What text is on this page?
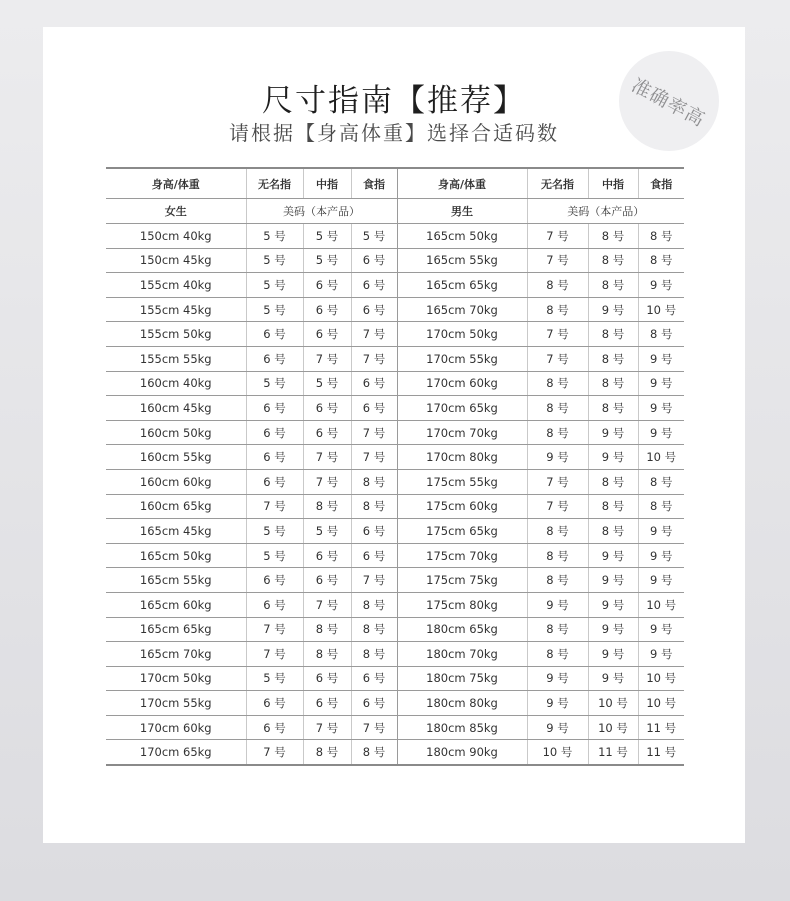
尺寸指南【推荐】
请根据【身高体重】选择合适码数
准确率高
身高/体重	无名指	中指	食指	身高/体重	无名指	中指	食指
女生	美码（本产品）			男生	美码（本产品）		
150cm 40kg	5 号	5 号	5 号	165cm 50kg	7 号	8 号	8 号
150cm 45kg	5 号	5 号	6 号	165cm 55kg	7 号	8 号	8 号
155cm 40kg	5 号	6 号	6 号	165cm 65kg	8 号	8 号	9 号
155cm 45kg	5 号	6 号	6 号	165cm 70kg	8 号	9 号	10 号
155cm 50kg	6 号	6 号	7 号	170cm 50kg	7 号	8 号	8 号
155cm 55kg	6 号	7 号	7 号	170cm 55kg	7 号	8 号	9 号
160cm 40kg	5 号	5 号	6 号	170cm 60kg	8 号	8 号	9 号
160cm 45kg	6 号	6 号	6 号	170cm 65kg	8 号	8 号	9 号
160cm 50kg	6 号	6 号	7 号	170cm 70kg	8 号	9 号	9 号
160cm 55kg	6 号	7 号	7 号	170cm 80kg	9 号	9 号	10 号
160cm 60kg	6 号	7 号	8 号	175cm 55kg	7 号	8 号	8 号
160cm 65kg	7 号	8 号	8 号	175cm 60kg	7 号	8 号	8 号
165cm 45kg	5 号	5 号	6 号	175cm 65kg	8 号	8 号	9 号
165cm 50kg	5 号	6 号	6 号	175cm 70kg	8 号	9 号	9 号
165cm 55kg	6 号	6 号	7 号	175cm 75kg	8 号	9 号	9 号
165cm 60kg	6 号	7 号	8 号	175cm 80kg	9 号	9 号	10 号
165cm 65kg	7 号	8 号	8 号	180cm 65kg	8 号	9 号	9 号
165cm 70kg	7 号	8 号	8 号	180cm 70kg	8 号	9 号	9 号
170cm 50kg	5 号	6 号	6 号	180cm 75kg	9 号	9 号	10 号
170cm 55kg	6 号	6 号	6 号	180cm 80kg	9 号	10 号	10 号
170cm 60kg	6 号	7 号	7 号	180cm 85kg	9 号	10 号	11 号
170cm 65kg	7 号	8 号	8 号	180cm 90kg	10 号	11 号	11 号
